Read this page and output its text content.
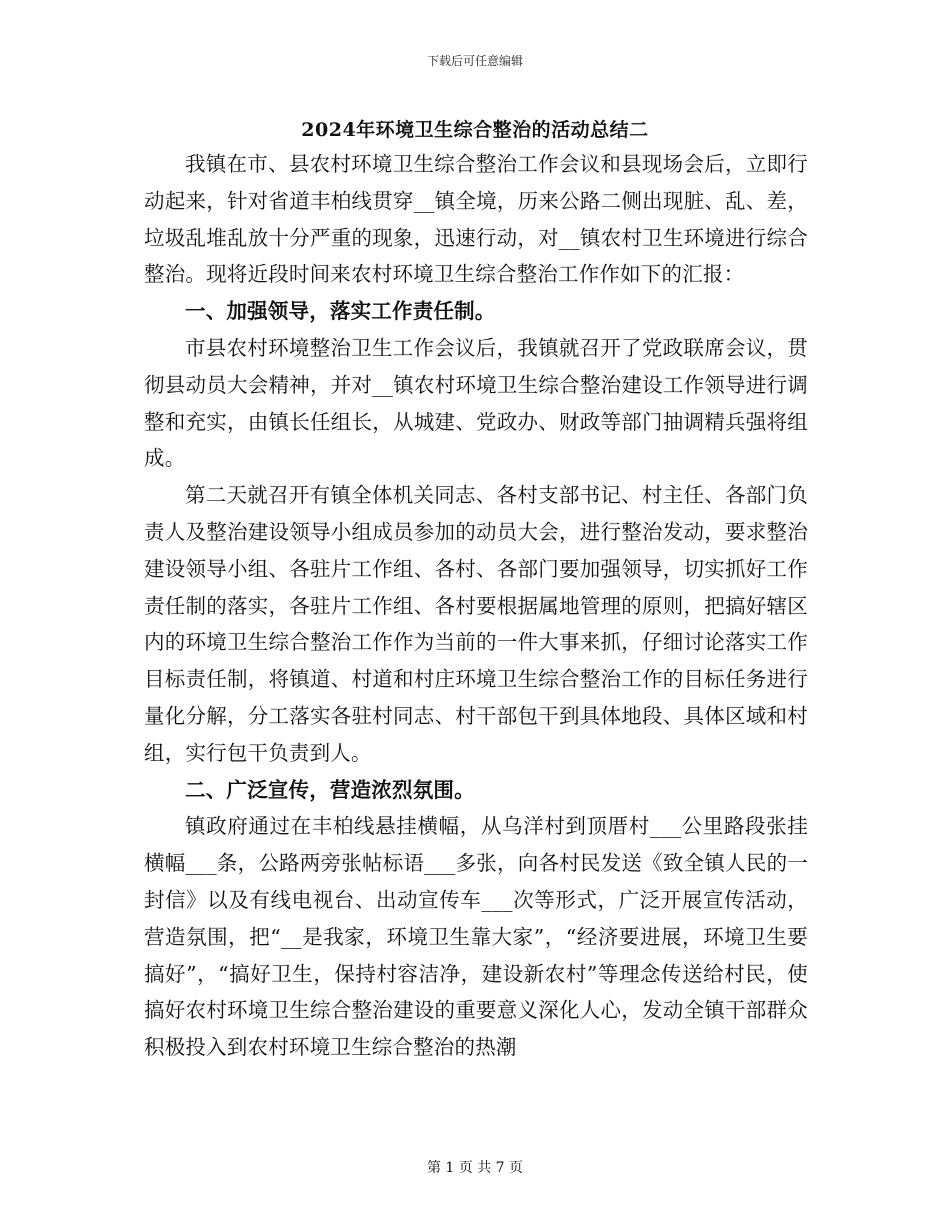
下载后可任意编辑
2024年环境卫生综合整治的活动总结二

我镇在市、县农村环境卫生综合整治工作会议和县现场会后，立即行动起来，针对省道丰柏线贯穿__镇全境，历来公路二侧出现脏、乱、差，垃圾乱堆乱放十分严重的现象，迅速行动，对__镇农村卫生环境进行综合整治。现将近段时间来农村环境卫生综合整治工作作如下的汇报：

一、加强领导，落实工作责任制。

市县农村环境整治卫生工作会议后，我镇就召开了党政联席会议，贯彻县动员大会精神，并对__镇农村环境卫生综合整治建设工作领导进行调整和充实，由镇长任组长，从城建、党政办、财政等部门抽调精兵强将组成。

第二天就召开有镇全体机关同志、各村支部书记、村主任、各部门负责人及整治建设领导小组成员参加的动员大会，进行整治发动，要求整治建设领导小组、各驻片工作组、各村、各部门要加强领导，切实抓好工作责任制的落实，各驻片工作组、各村要根据属地管理的原则，把搞好辖区内的环境卫生综合整治工作作为当前的一件大事来抓，仔细讨论落实工作目标责任制，将镇道、村道和村庄环境卫生综合整治工作的目标任务进行量化分解，分工落实各驻村同志、村干部包干到具体地段、具体区域和村组，实行包干负责到人。

二、广泛宣传，营造浓烈氛围。

镇政府通过在丰柏线悬挂横幅，从乌洋村到顶厝村___公里路段张挂横幅___条，公路两旁张帖标语___多张，向各村民发送《致全镇人民的一封信》以及有线电视台、出动宣传车___次等形式，广泛开展宣传活动，营造氛围，把“__是我家，环境卫生靠大家”，“经济要进展，环境卫生要搞好”，“搞好卫生，保持村容洁净，建设新农村”等理念传送给村民，使搞好农村环境卫生综合整治建设的重要意义深化人心，发动全镇干部群众积极投入到农村环境卫生综合整治的热潮

第 1 页 共 7 页
